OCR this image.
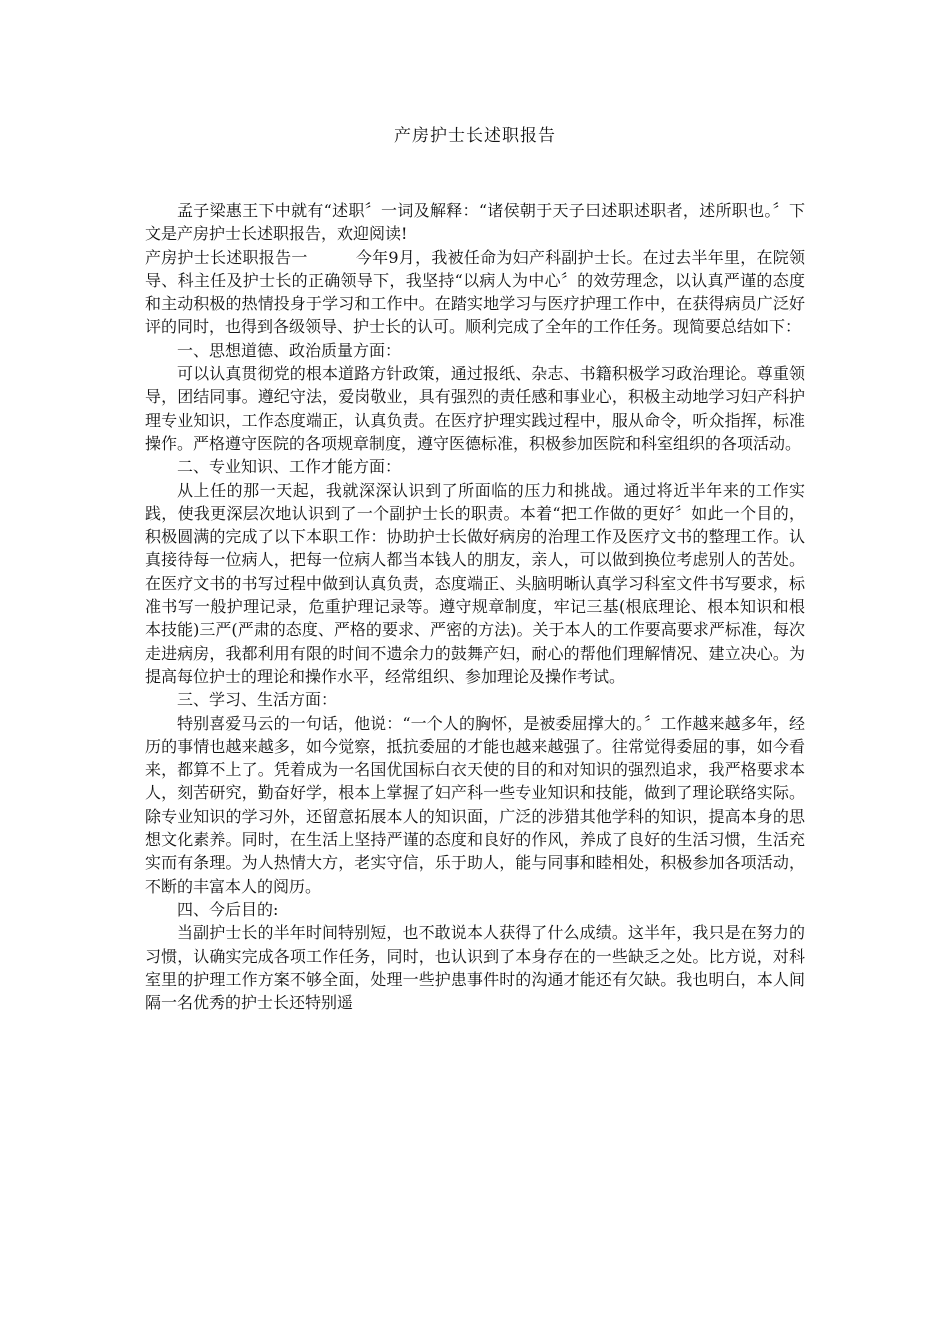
产房护士长述职报告

孟子梁惠王下中就有“述职〞一词及解释：“诸侯朝于天子曰述职述职者，述所职也。〞下文是产房护士长述职报告，欢迎阅读!

产房护士长述职报告一	今年9月，我被任命为妇产科副护士长。在过去半年里，在院领导、科主任及护士长的正确领导下，我坚持“以病人为中心〞的效劳理念，以认真严谨的态度和主动积极的热情投身于学习和工作中。在踏实地学习与医疗护理工作中，在获得病员广泛好评的同时，也得到各级领导、护士长的认可。顺利完成了全年的工作任务。现简要总结如下：

一、思想道德、政治质量方面：

可以认真贯彻党的根本道路方针政策，通过报纸、杂志、书籍积极学习政治理论。尊重领导，团结同事。遵纪守法，爱岗敬业，具有强烈的责任感和事业心，积极主动地学习妇产科护理专业知识，工作态度端正，认真负责。在医疗护理实践过程中，服从命令，听众指挥，标准操作。严格遵守医院的各项规章制度，遵守医德标准，积极参加医院和科室组织的各项活动。

二、专业知识、工作才能方面：

从上任的那一天起，我就深深认识到了所面临的压力和挑战。通过将近半年来的工作实践，使我更深层次地认识到了一个副护士长的职责。本着“把工作做的更好〞如此一个目的，积极圆满的完成了以下本职工作：协助护士长做好病房的治理工作及医疗文书的整理工作。认真接待每一位病人，把每一位病人都当本钱人的朋友，亲人，可以做到换位考虑别人的苦处。在医疗文书的书写过程中做到认真负责，态度端正、头脑明晰认真学习科室文件书写要求，标准书写一般护理记录，危重护理记录等。遵守规章制度，牢记三基(根底理论、根本知识和根本技能)三严(严肃的态度、严格的要求、严密的方法)。关于本人的工作要高要求严标准，每次走进病房，我都利用有限的时间不遗余力的鼓舞产妇，耐心的帮他们理解情况、建立决心。为提高每位护士的理论和操作水平，经常组织、参加理论及操作考试。

三、学习、生活方面：

特别喜爱马云的一句话，他说：“一个人的胸怀，是被委屈撑大的。〞工作越来越多年，经历的事情也越来越多，如今觉察，抵抗委屈的才能也越来越强了。往常觉得委屈的事，如今看来，都算不上了。凭着成为一名国优国标白衣天使的目的和对知识的强烈追求，我严格要求本人，刻苦研究，勤奋好学，根本上掌握了妇产科一些专业知识和技能，做到了理论联络实际。除专业知识的学习外，还留意拓展本人的知识面，广泛的涉猎其他学科的知识，提高本身的思想文化素养。同时，在生活上坚持严谨的态度和良好的作风，养成了良好的生活习惯，生活充实而有条理。为人热情大方，老实守信，乐于助人，能与同事和睦相处，积极参加各项活动，不断的丰富本人的阅历。

四、今后目的:

当副护士长的半年时间特别短，也不敢说本人获得了什么成绩。这半年，我只是在努力的习惯，认确实完成各项工作任务，同时，也认识到了本身存在的一些缺乏之处。比方说，对科室里的护理工作方案不够全面，处理一些护患事件时的沟通才能还有欠缺。我也明白，本人间隔一名优秀的护士长还特别遥
